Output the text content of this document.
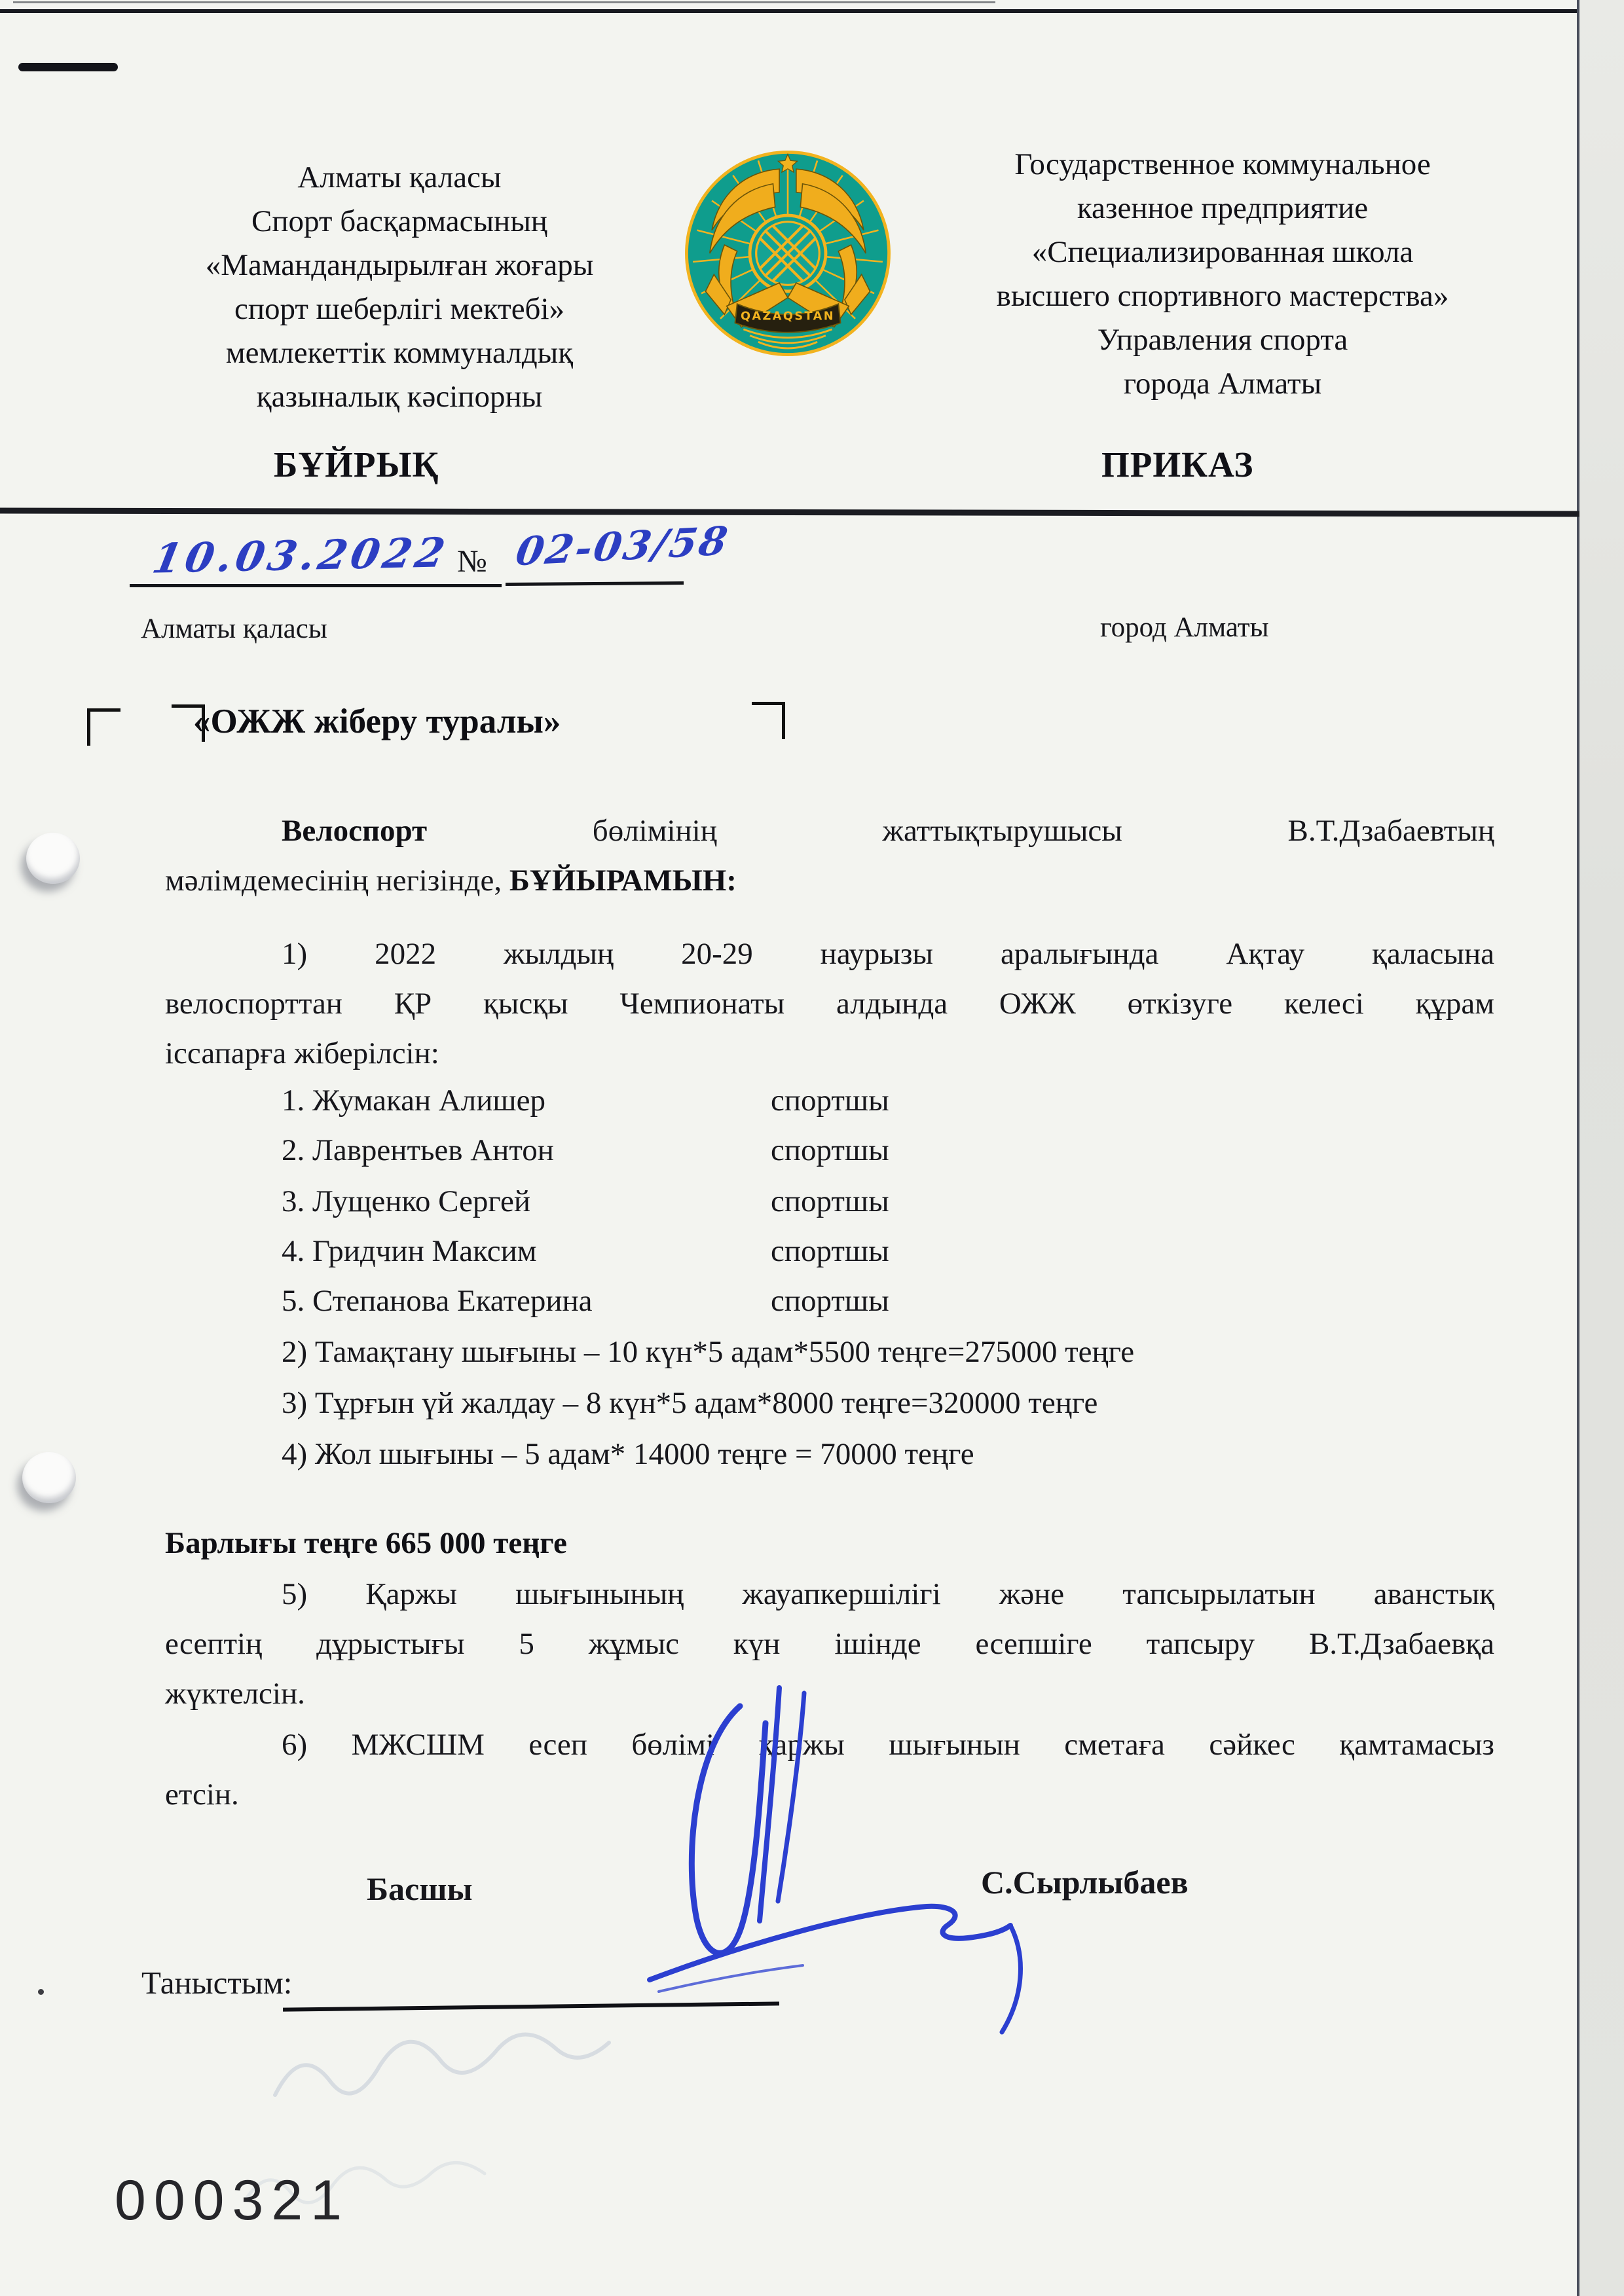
Алматы қаласы
Спорт басқармасының
«Мамандандырылған жоғары
спорт шеберлігі мектебі»
мемлекеттік коммуналдық
қазыналық кәсіпорны
QAZAQSTAN
Государственное коммунальное
казенное предприятие
«Специализированная школа
высшего спортивного мастерства»
Управления спорта
города Алматы
БҰЙРЫҚ	ПРИКАЗ
10.03.2022 № 02-03/58
Алматы қаласы	город Алматы
«ОЖЖ жіберу туралы»
Велоспорт	бөлімінің	жаттықтырушысы	В.Т.Дзабаевтың
мәлімдемесінің негізінде, БҰЙЫРАМЫН:
1) 2022 жылдың 20-29 наурызы аралығында Ақтау қаласына
велоспорттан ҚР қысқы Чемпионаты алдында ОЖЖ өткізуге келесі құрам
іссапарға жіберілсін:
1. Жумакан Алишер	спортшы
2. Лаврентьев Антон	спортшы
3. Лущенко Сергей	спортшы
4. Гридчин Максим	спортшы
5. Степанова Екатерина	спортшы
2) Тамақтану шығыны – 10 күн*5 адам*5500 теңге=275000 теңге
3) Тұрғын үй жалдау – 8 күн*5 адам*8000 теңге=320000 теңге
4) Жол шығыны – 5 адам* 14000 теңге = 70000 теңге
Барлығы теңге 665 000 теңге
5) Қаржы шығынының жауапкершілігі және тапсырылатын аванстық
есептің дұрыстығы 5 жұмыс күн ішінде есепшіге тапсыру В.Т.Дзабаевқа
жүктелсін.
6) МЖСШМ есеп бөлімі қаржы шығынын сметаға сәйкес қамтамасыз
етсін.
Басшы	С.Сырлыбаев
Таныстым:
000321
